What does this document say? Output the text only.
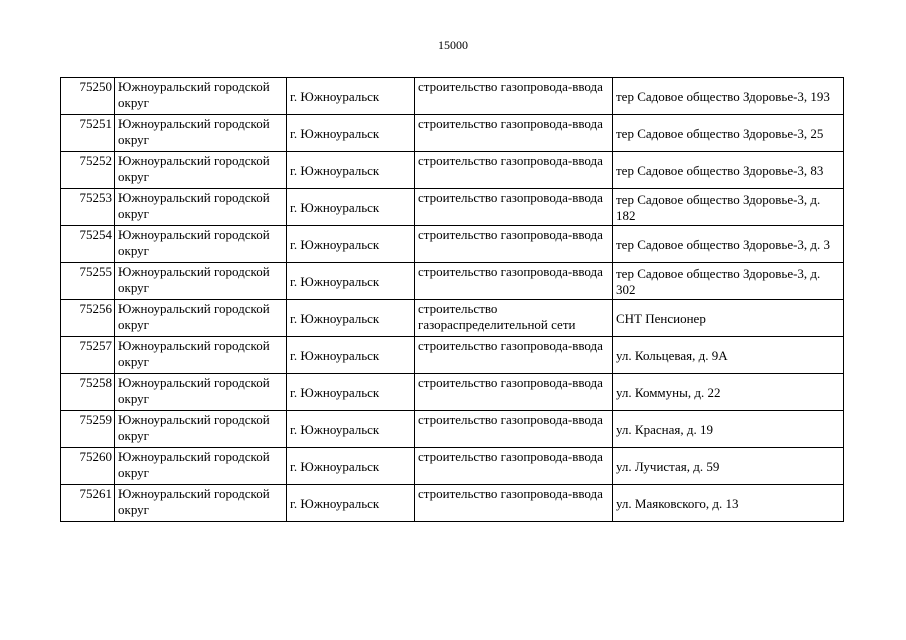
15000
75250	Южноуральский городской округ	г. Южноуральск	строительство газопровода-ввода	тер Садовое общество Здоровье-3, 193
75251	Южноуральский городской округ	г. Южноуральск	строительство газопровода-ввода	тер Садовое общество Здоровье-3, 25
75252	Южноуральский городской округ	г. Южноуральск	строительство газопровода-ввода	тер Садовое общество Здоровье-3, 83
75253	Южноуральский городской округ	г. Южноуральск	строительство газопровода-ввода	тер Садовое общество Здоровье-3, д. 182
75254	Южноуральский городской округ	г. Южноуральск	строительство газопровода-ввода	тер Садовое общество Здоровье-3, д. 3
75255	Южноуральский городской округ	г. Южноуральск	строительство газопровода-ввода	тер Садовое общество Здоровье-3, д. 302
75256	Южноуральский городской округ	г. Южноуральск	строительство газораспределительной сети	СНТ Пенсионер
75257	Южноуральский городской округ	г. Южноуральск	строительство газопровода-ввода	ул. Кольцевая, д. 9А
75258	Южноуральский городской округ	г. Южноуральск	строительство газопровода-ввода	ул. Коммуны, д. 22
75259	Южноуральский городской округ	г. Южноуральск	строительство газопровода-ввода	ул. Красная, д. 19
75260	Южноуральский городской округ	г. Южноуральск	строительство газопровода-ввода	ул. Лучистая, д. 59
75261	Южноуральский городской округ	г. Южноуральск	строительство газопровода-ввода	ул. Маяковского, д. 13
